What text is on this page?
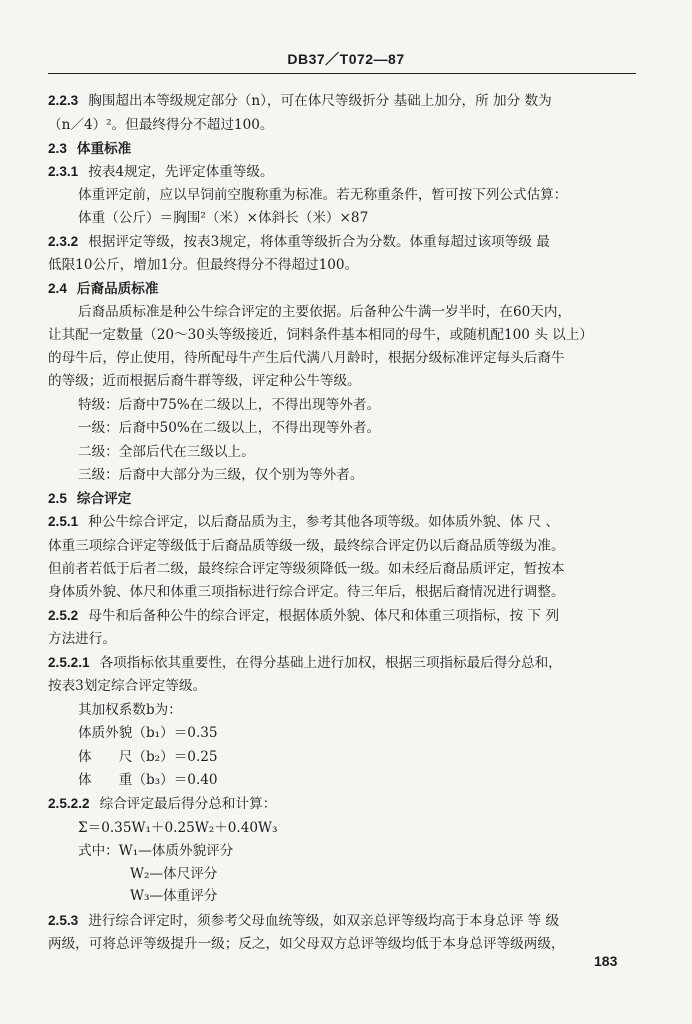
DB37／T072—87
2.2.3 胸围超出本等级规定部分（n），可在体尺等级折分 基础上加分，所 加分 数为
（n／4）²。但最终得分不超过100。
2.3 体重标准
2.3.1 按表4规定，先评定体重等级。
体重评定前，应以早饲前空腹称重为标准。若无称重条件，暂可按下列公式估算：
体重（公斤）＝胸围²（米）×体斜长（米）×87
2.3.2 根据评定等级，按表3规定，将体重等级折合为分数。体重每超过该项等级 最
低限10公斤，增加1分。但最终得分不得超过100。
2.4 后裔品质标准
后裔品质标准是种公牛综合评定的主要依据。后备种公牛满一岁半时，在60天内，
让其配一定数量（20～30头等级接近，饲料条件基本相同的母牛，或随机配100 头 以上）
的母牛后，停止使用，待所配母牛产生后代满八月龄时，根据分级标准评定每头后裔牛
的等级；近而根据后裔牛群等级，评定种公牛等级。
特级：后裔中75%在二级以上，不得出现等外者。
一级：后裔中50%在二级以上，不得出现等外者。
二级：全部后代在三级以上。
三级：后裔中大部分为三级，仅个别为等外者。
2.5 综合评定
2.5.1 种公牛综合评定，以后裔品质为主，参考其他各项等级。如体质外貌、体 尺 、
体重三项综合评定等级低于后裔品质等级一级，最终综合评定仍以后裔品质等级为准。
但前者若低于后者二级，最终综合评定等级须降低一级。如未经后裔品质评定，暂按本
身体质外貌、体尺和体重三项指标进行综合评定。待三年后，根据后裔情况进行调整。
2.5.2 母牛和后备种公牛的综合评定，根据体质外貌、体尺和体重三项指标，按 下 列
方法进行。
2.5.2.1 各项指标依其重要性，在得分基础上进行加权，根据三项指标最后得分总和，
按表3划定综合评定等级。
其加权系数b为：
体质外貌（b₁）＝0.35
体　　尺（b₂）＝0.25
体　　重（b₃）＝0.40
2.5.2.2 综合评定最后得分总和计算：
Σ＝0.35W₁＋0.25W₂＋0.40W₃
式中：W₁—体质外貌评分
W₂—体尺评分
W₃—体重评分
2.5.3 进行综合评定时，须参考父母血统等级，如双亲总评等级均高于本身总评 等 级
两级，可将总评等级提升一级；反之，如父母双方总评等级均低于本身总评等级两级，
183
